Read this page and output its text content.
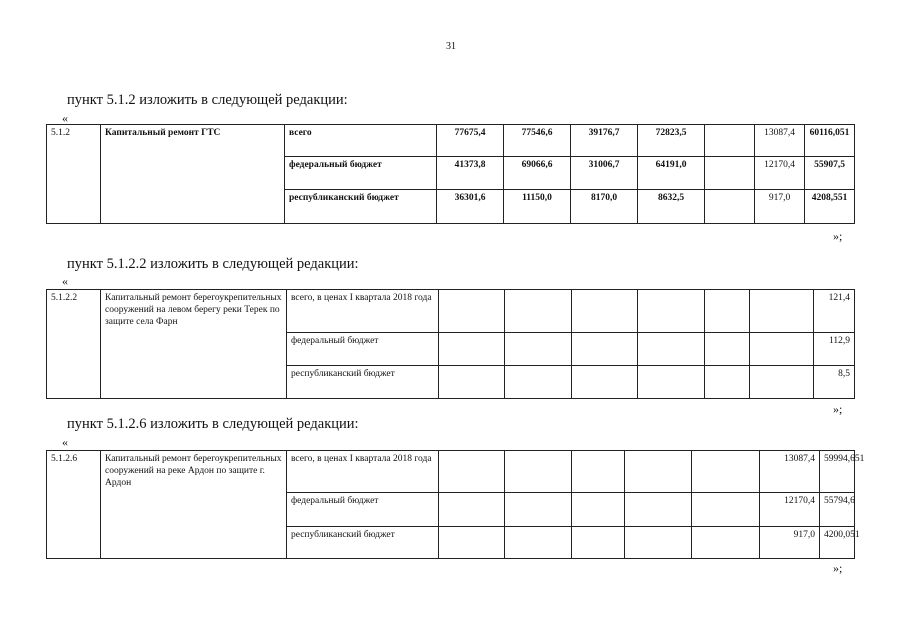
31
пункт 5.1.2 изложить в следующей редакции:
«
5.1.2	Капитальный ремонт ГТС	всего	77675,4	77546,6	39176,7	72823,5		13087,4	60116,051
		федеральный бюджет	41373,8	69066,6	31006,7	64191,0		12170,4	55907,5
		республиканский бюджет	36301,6	11150,0	8170,0	8632,5		917,0	4208,551
»;
пункт 5.1.2.2 изложить в следующей редакции:
«
5.1.2.2	Капитальный ремонт берегоукрепительных сооружений на левом берегу реки Терек по защите села Фарн	всего, в ценах I квартала 2018 года							121,4
		федеральный бюджет							112,9
		республиканский бюджет							8,5
»;
пункт 5.1.2.6 изложить в следующей редакции:
«
5.1.2.6	Капитальный ремонт берегоукрепительных сооружений на реке Ардон по защите г. Ардон	всего, в ценах I квартала 2018 года						13087,4	59994,651
		федеральный бюджет						12170,4	55794,6
		республиканский бюджет						917,0	4200,051
»;
